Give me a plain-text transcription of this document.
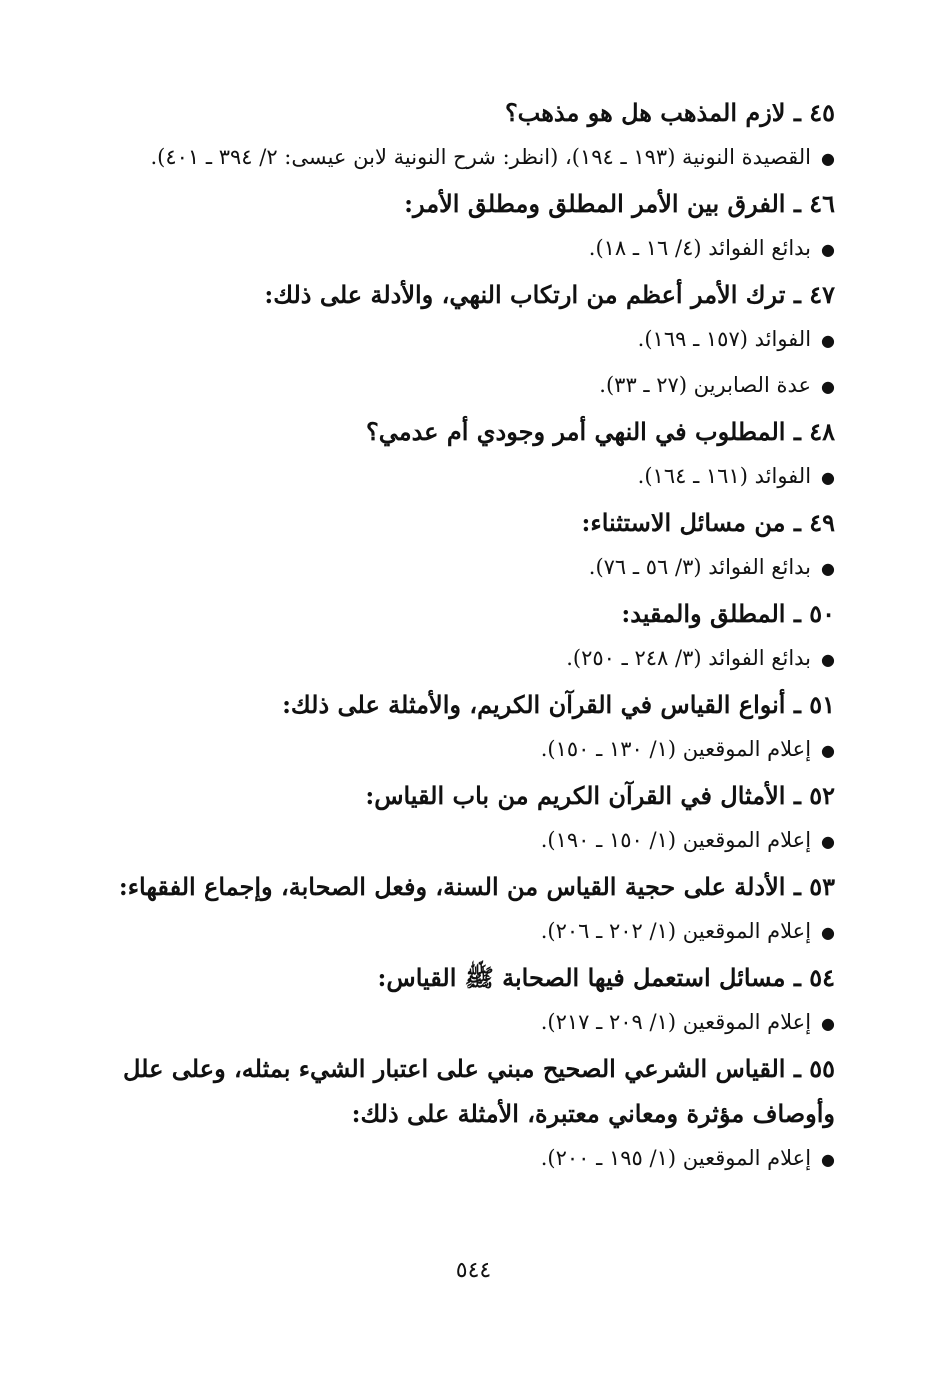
٤٥ ـ لازم المذهب هل هو مذهب؟

●القصيدة النونية (١٩٣ ـ ١٩٤)، (انظر: شرح النونية لابن عيسى: ٢/ ٣٩٤ ـ ٤٠١).

٤٦ ـ الفرق بين الأمر المطلق ومطلق الأمر:

●بدائع الفوائد (٤/ ١٦ ـ ١٨).

٤٧ ـ ترك الأمر أعظم من ارتكاب النهي، والأدلة على ذلك:

●الفوائد (١٥٧ ـ ١٦٩).

●عدة الصابرين (٢٧ ـ ٣٣).

٤٨ ـ المطلوب في النهي أمر وجودي أم عدمي؟

●الفوائد (١٦١ ـ ١٦٤).

٤٩ ـ من مسائل الاستثناء:

●بدائع الفوائد (٣/ ٥٦ ـ ٧٦).

٥٠ ـ المطلق والمقيد:

●بدائع الفوائد (٣/ ٢٤٨ ـ ٢٥٠).

٥١ ـ أنواع القياس في القرآن الكريم، والأمثلة على ذلك:

●إعلام الموقعين (١/ ١٣٠ ـ ١٥٠).

٥٢ ـ الأمثال في القرآن الكريم من باب القياس:

●إعلام الموقعين (١/ ١٥٠ ـ ١٩٠).

٥٣ ـ الأدلة على حجية القياس من السنة، وفعل الصحابة، وإجماع الفقهاء:

●إعلام الموقعين (١/ ٢٠٢ ـ ٢٠٦).

٥٤ ـ مسائل استعمل فيها الصحابة ﷺ القياس:

●إعلام الموقعين (١/ ٢٠٩ ـ ٢١٧).

٥٥ ـ القياس الشرعي الصحيح مبني على اعتبار الشيء بمثله، وعلى علل وأوصاف مؤثرة ومعاني معتبرة، الأمثلة على ذلك:

●إعلام الموقعين (١/ ١٩٥ ـ ٢٠٠).

٥٤٤
